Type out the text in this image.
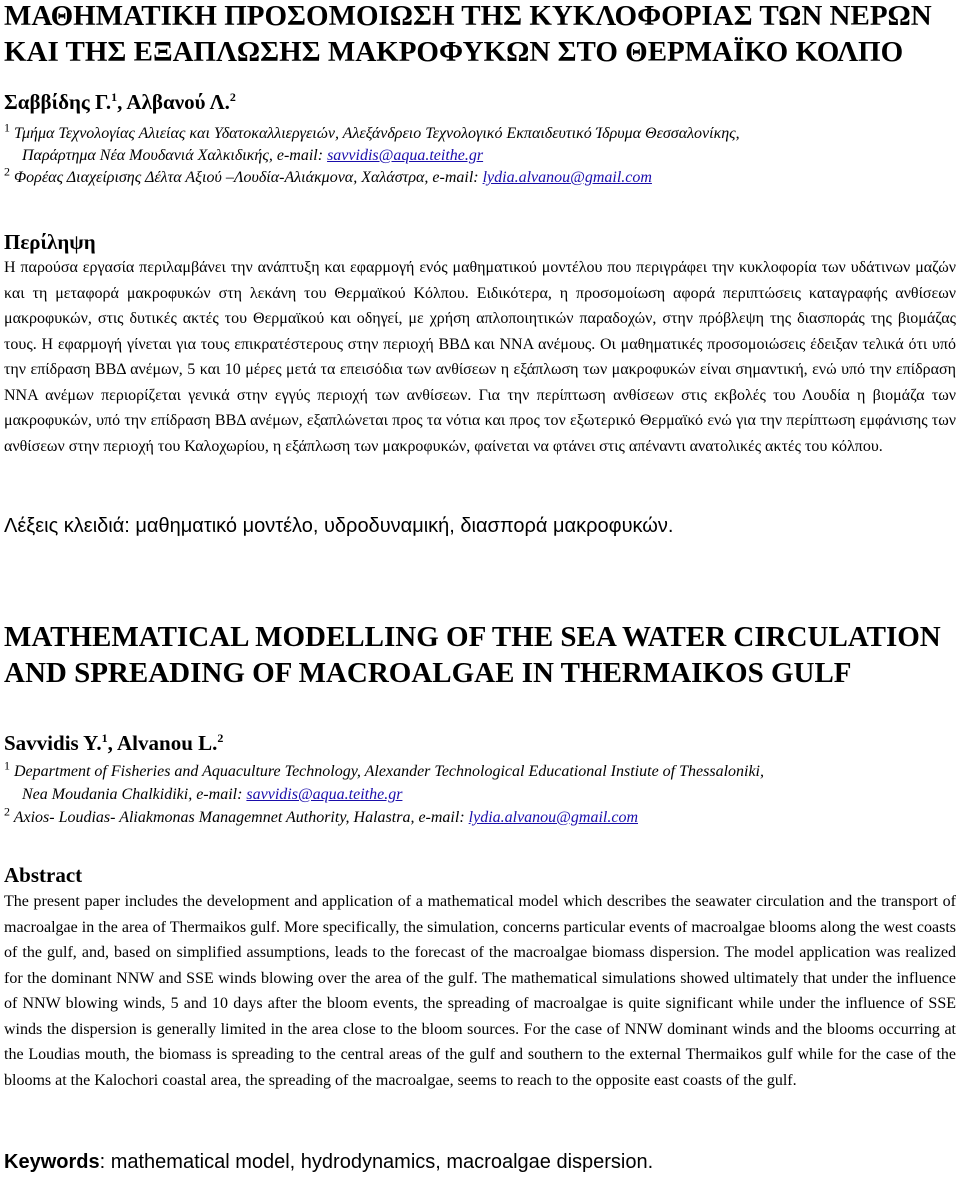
ΜΑΘΗΜΑΤΙΚΗ ΠΡΟΣΟΜΟΙΩΣΗ ΤΗΣ ΚΥΚΛΟΦΟΡΙΑΣ ΤΩΝ ΝΕΡΩΝ
ΚΑΙ ΤΗΣ ΕΞΑΠΛΩΣΗΣ ΜΑΚΡΟΦΥΚΩΝ ΣΤΟ ΘΕΡΜΑΪΚΟ ΚΟΛΠΟ
Σαββίδης Γ.$^1$, Αλβανού Λ.$^2$
$^1$ Τμήμα Τεχνολογίας Αλιείας και Υδατοκαλλιεργειών, Αλεξάνδρειο Τεχνολογικό Εκπαιδευτικό Ίδρυμα Θεσσαλονίκης,
Παράρτημα Νέα Μουδανιά Χαλκιδικής, e-mail: savvidis@aqua.teithe.gr
$^2$ Φορέας Διαχείρισης Δέλτα Αξιού –Λουδία-Αλιάκμονα, Χαλάστρα, e-mail: lydia.alvanou@gmail.com
Περίληψη

Η παρούσα εργασία περιλαμβάνει την ανάπτυξη και εφαρμογή ενός μαθηματικού μοντέλου που περιγράφει την κυκλοφορία των υδάτινων μαζών και τη μεταφορά μακροφυκών στη λεκάνη του Θερμαϊκού Κόλπου. Ειδικότερα, η προσομοίωση αφορά περιπτώσεις καταγραφής ανθίσεων μακροφυκών, στις δυτικές ακτές του Θερμαϊκού και οδηγεί, με χρήση απλοποιητικών παραδοχών, στην πρόβλεψη της διασποράς της βιομάζας τους. Η εφαρμογή γίνεται για τους επικρατέστερους στην περιοχή ΒΒΔ και ΝΝΑ ανέμους. Οι μαθηματικές προσομοιώσεις έδειξαν τελικά ότι υπό την επίδραση ΒΒΔ ανέμων, 5 και 10 μέρες μετά τα επεισόδια των ανθίσεων η εξάπλωση των μακροφυκών είναι σημαντική, ενώ υπό την επίδραση ΝΝΑ ανέμων περιορίζεται γενικά στην εγγύς περιοχή των ανθίσεων. Για την περίπτωση ανθίσεων στις εκβολές του Λουδία η βιομάζα των μακροφυκών, υπό την επίδραση ΒΒΔ ανέμων, εξαπλώνεται προς τα νότια και προς τον εξωτερικό Θερμαϊκό ενώ για την περίπτωση εμφάνισης των ανθίσεων στην περιοχή του Καλοχωρίου, η εξάπλωση των μακροφυκών, φαίνεται να φτάνει στις απέναντι ανατολικές ακτές του κόλπου.

Λέξεις κλειδιά: μαθηματικό μοντέλο, υδροδυναμική, διασπορά μακροφυκών.
MATHEMATICAL MODELLING OF THE SEA WATER CIRCULATION
AND SPREADING OF MACROALGAE IN THERMAIKOS GULF
Savvidis Y.$^1$, Alvanou L.$^2$
$^1$ Department of Fisheries and Aquaculture Technology, Alexander Technological Educational Instiute of Thessaloniki,
Nea Moudania Chalkidiki, e-mail: savvidis@aqua.teithe.gr
$^2$ Axios- Loudias- Aliakmonas Managemnet Authority, Halastra, e-mail: lydia.alvanou@gmail.com
Abstract

The present paper includes the development and application of a mathematical model which describes the seawater circulation and the transport of macroalgae in the area of Thermaikos gulf. More specifically, the simulation, concerns particular events of macroalgae blooms along the west coasts of the gulf, and, based on simplified assumptions, leads to the forecast of the macroalgae biomass dispersion. The model application was realized for the dominant NNW and SSE winds blowing over the area of the gulf. The mathematical simulations showed ultimately that under the influence of NNW blowing winds, 5 and 10 days after the bloom events, the spreading of macroalgae is quite significant while under the influence of SSE winds the dispersion is generally limited in the area close to the bloom sources. For the case of NNW dominant winds and the blooms occurring at the Loudias mouth, the biomass is spreading to the central areas of the gulf and southern to the external Thermaikos gulf while for the case of the blooms at the Kalochori coastal area, the spreading of the macroalgae, seems to reach to the opposite east coasts of the gulf.

Keywords: mathematical model, hydrodynamics, macroalgae dispersion.
